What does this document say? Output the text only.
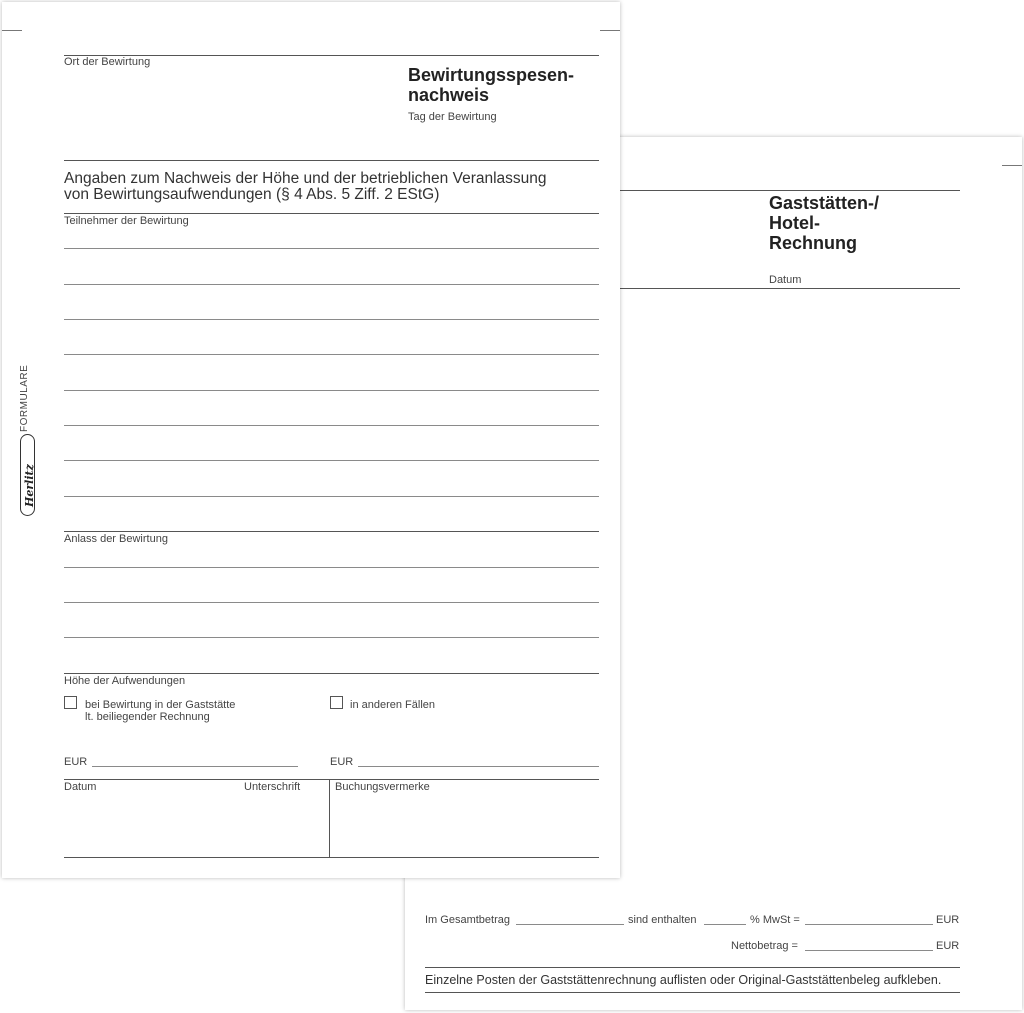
Gaststätten-/
Hotel-
Rechnung
Datum
Im Gesamtbetrag	sind enthalten	% MwSt =	EUR
Nettobetrag =	EUR
Einzelne Posten der Gaststättenrechnung auflisten oder Original-Gaststättenbeleg aufkleben.
Ort der Bewirtung
Bewirtungsspesen-
nachweis
Tag der Bewirtung
Angaben zum Nachweis der Höhe und der betrieblichen Veranlassung
von Bewirtungsaufwendungen (§ 4 Abs. 5 Ziff. 2 EStG)
Teilnehmer der Bewirtung
Anlass der Bewirtung
Höhe der Aufwendungen
bei Bewirtung in der Gaststätte
lt. beiliegender Rechnung
in anderen Fällen
EUR	EUR
Datum	Unterschrift	Buchungsvermerke
FORMULARE
Herlitz
